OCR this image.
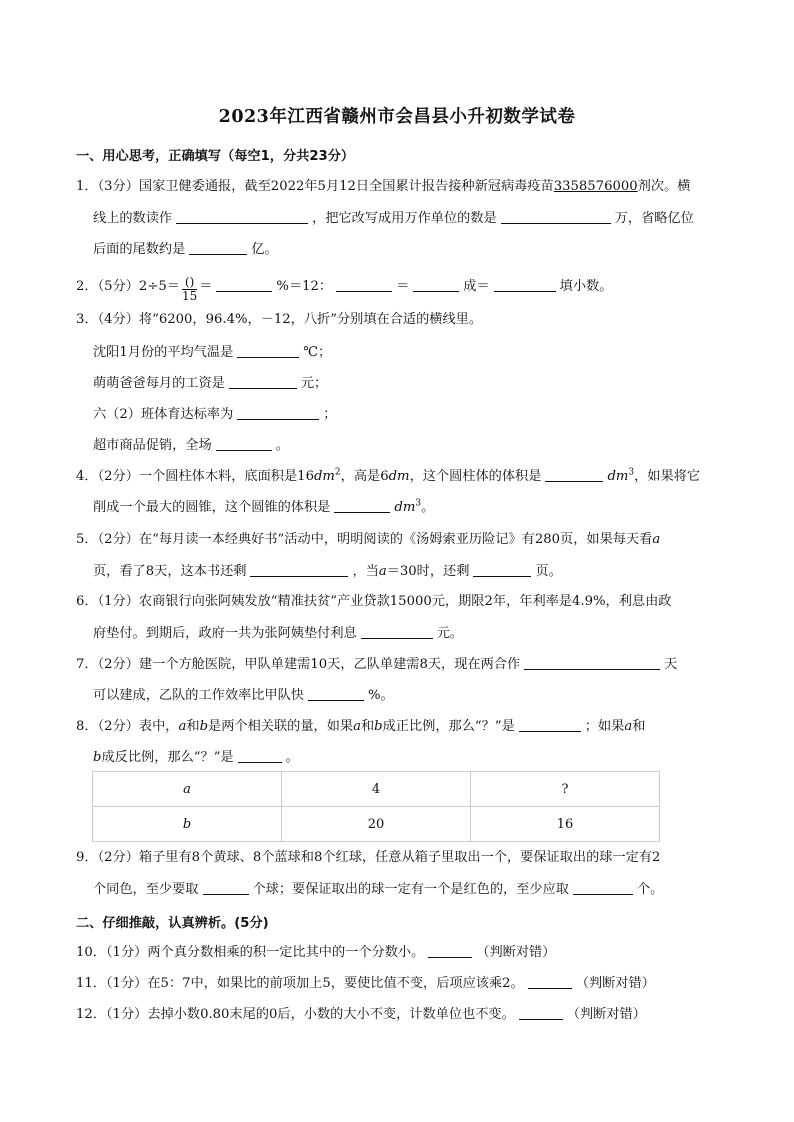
2023年江西省赣州市会昌县小升初数学试卷
一、用心思考，正确填写（每空1，分共23分）
1．（3分）国家卫健委通报，截至2022年5月12日全国累计报告接种新冠病毒疫苗3358576000剂次。横
线上的数读作	，把它改写成用万作单位的数是	万，省略亿位
后面的尾数约是	亿。
2．（5分）$2\div 5= \frac{()}{15}$ ＝	%＝12：	＝	成＝	填小数。
3．（4分）将“6200，96.4%，－12，八折”分别填在合适的横线里。
沈阳1月份的平均气温是	℃；
萌萌爸爸每月的工资是	元；
六（2）班体育达标率为	；
超市商品促销，全场	。
4．（2分）一个圆柱体木料，底面积是$16dm^2$，高是6dm，这个圆柱体的体积是	$dm^3$，如果将它
削成一个最大的圆锥，这个圆锥的体积是	$dm^3$。
5．（2分）在“每月读一本经典好书”活动中，明明阅读的《汤姆索亚历险记》有280页，如果每天看a
页，看了8天，这本书还剩	，当a＝30时，还剩	页。
6．（1分）农商银行向张阿姨发放“精准扶贫”产业贷款15000元，期限2年，年利率是4.9%，利息由政
府垫付。到期后，政府一共为张阿姨垫付利息	元。
7．（2分）建一个方舱医院，甲队单建需10天，乙队单建需8天，现在两合作	天
可以建成，乙队的工作效率比甲队快	%。
8．（2分）表中，a和b是两个相关联的量，如果a和b成正比例，那么“？”是	；如果a和
b成反比例，那么“？”是	。
a	4	?
b	20	16
9．（2分）箱子里有8个黄球、8个蓝球和8个红球，任意从箱子里取出一个，要保证取出的球一定有2
个同色，至少要取	个球；要保证取出的球一定有一个是红色的，至少应取	个。
二、仔细推敲，认真辨析。(5分)
10．（1分）两个真分数相乘的积一定比其中的一个分数小。	（判断对错）
11．（1分）在5：7中，如果比的前项加上5，要使比值不变，后项应该乘2。	（判断对错）
12．（1分）去掉小数0.80末尾的0后，小数的大小不变，计数单位也不变。	（判断对错）
